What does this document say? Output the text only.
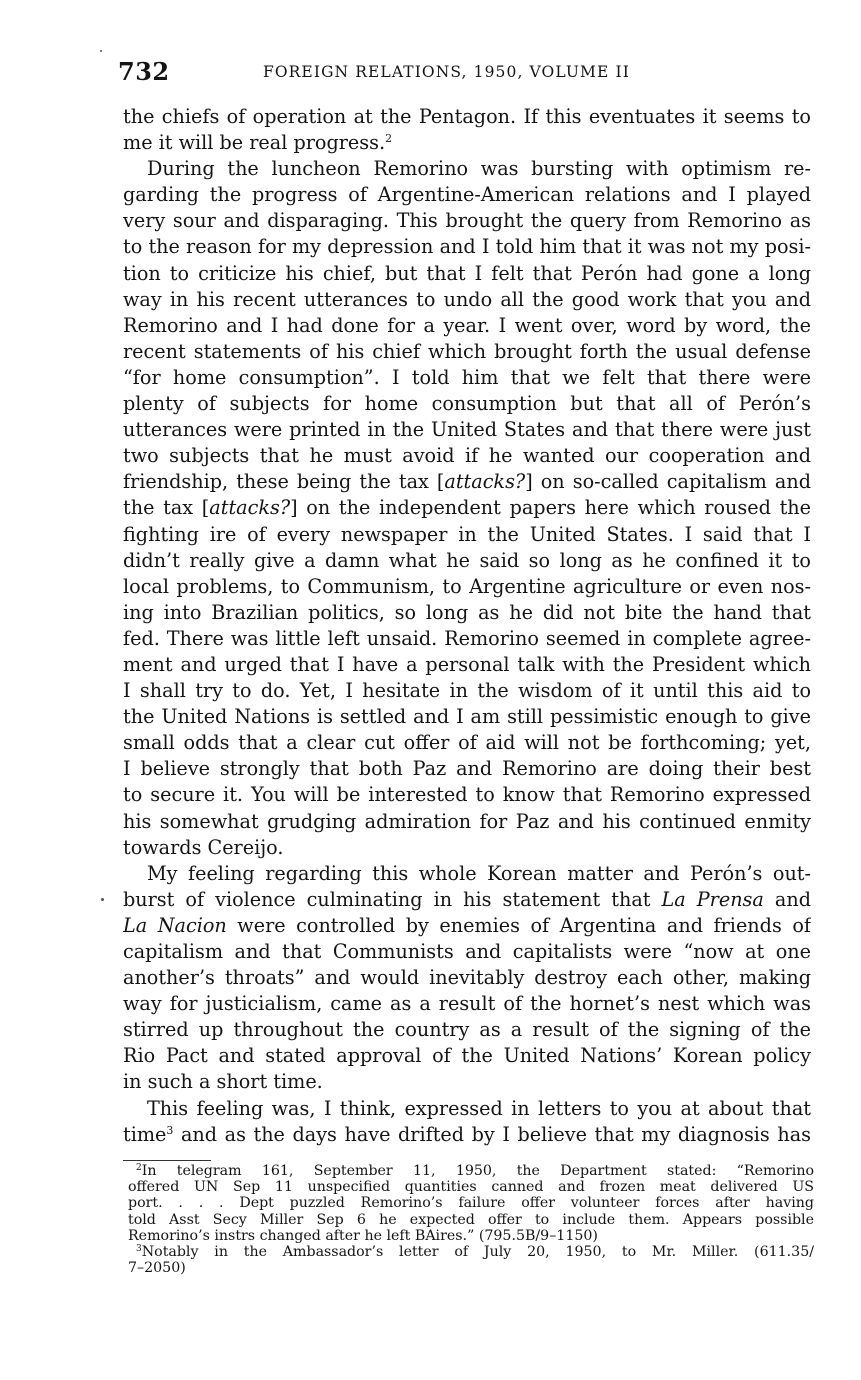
732	FOREIGN RELATIONS, 1950, VOLUME II
the chiefs of operation at the Pentagon. If this eventuates it seems to
me it will be real progress.$^2$
During the luncheon Remorino was bursting with optimism re-
garding the progress of Argentine-American relations and I played
very sour and disparaging. This brought the query from Remorino as
to the reason for my depression and I told him that it was not my posi-
tion to criticize his chief, but that I felt that Perón had gone a long
way in his recent utterances to undo all the good work that you and
Remorino and I had done for a year. I went over, word by word, the
recent statements of his chief which brought forth the usual defense
“for home consumption”. I told him that we felt that there were
plenty of subjects for home consumption but that all of Perón’s
utterances were printed in the United States and that there were just
two subjects that he must avoid if he wanted our cooperation and
friendship, these being the tax [attacks?] on so-called capitalism and
the tax [attacks?] on the independent papers here which roused the
fighting ire of every newspaper in the United States. I said that I
didn’t really give a damn what he said so long as he confined it to
local problems, to Communism, to Argentine agriculture or even nos-
ing into Brazilian politics, so long as he did not bite the hand that
fed. There was little left unsaid. Remorino seemed in complete agree-
ment and urged that I have a personal talk with the President which
I shall try to do. Yet, I hesitate in the wisdom of it until this aid to
the United Nations is settled and I am still pessimistic enough to give
small odds that a clear cut offer of aid will not be forthcoming; yet,
I believe strongly that both Paz and Remorino are doing their best
to secure it. You will be interested to know that Remorino expressed
his somewhat grudging admiration for Paz and his continued enmity
towards Cereijo.
My feeling regarding this whole Korean matter and Perón’s out-
burst of violence culminating in his statement that La Prensa and
La Nacion were controlled by enemies of Argentina and friends of
capitalism and that Communists and capitalists were “now at one
another’s throats” and would inevitably destroy each other, making
way for justicialism, came as a result of the hornet’s nest which was
stirred up throughout the country as a result of the signing of the
Rio Pact and stated approval of the United Nations’ Korean policy
in such a short time.
This feeling was, I think, expressed in letters to you at about that
time$^3$ and as the days have drifted by I believe that my diagnosis has
$^2$In telegram 161, September 11, 1950, the Department stated: “Remorino
offered UN Sep 11 unspecified quantities canned and frozen meat delivered US
port. . . . Dept puzzled Remorino’s failure offer volunteer forces after having
told Asst Secy Miller Sep 6 he expected offer to include them. Appears possible
Remorino’s instrs changed after he left BAires.” (795.5B/9–1150)
$^3$Notably in the Ambassador’s letter of July 20, 1950, to Mr. Miller. (611.35/
7–2050)
